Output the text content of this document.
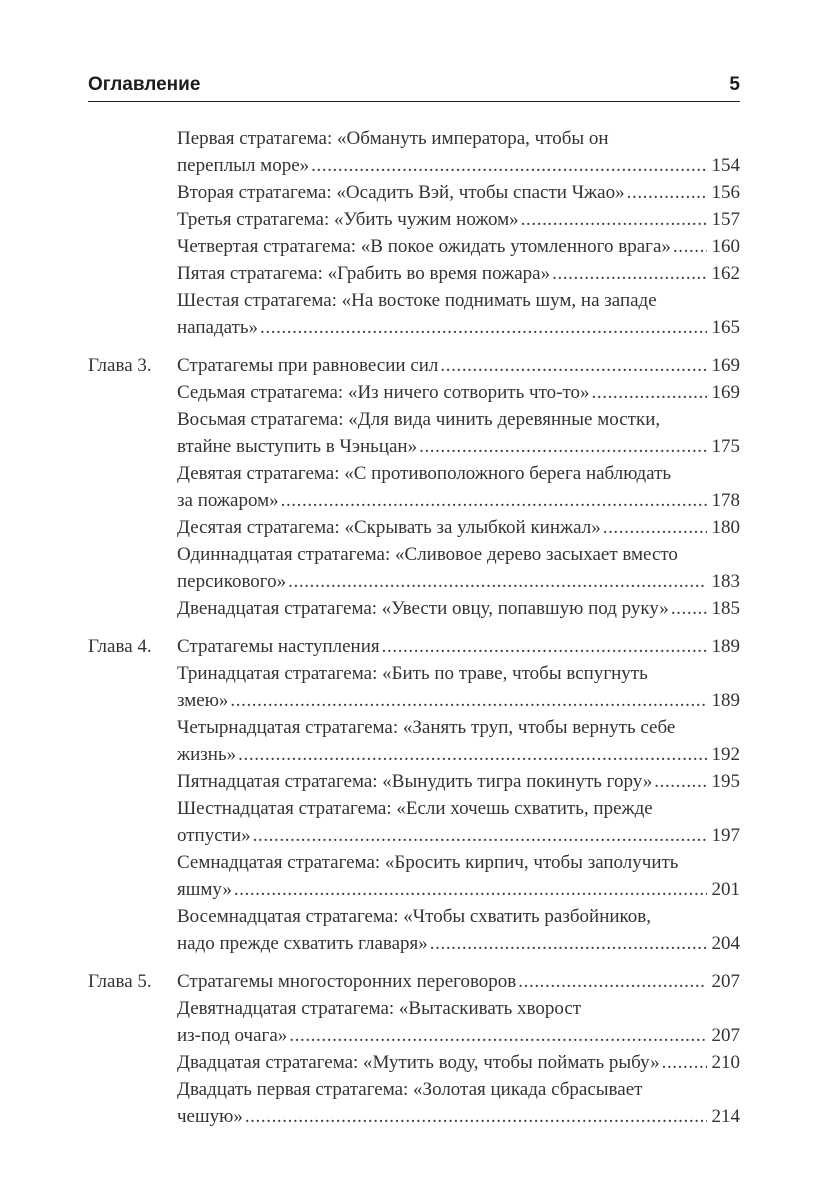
Оглавление	5
Первая стратагема: «Обмануть императора, чтобы он
переплыл море» .....	154
Вторая стратагема: «Осадить Вэй, чтобы спасти Чжао» .....	156
Третья стратагема: «Убить чужим ножом» .....	157
Четвертая стратагема: «В покое ожидать утомленного врага» ..... 160
Пятая стратагема: «Грабить во время пожара» .....	162
Шестая стратагема: «На востоке поднимать шум, на западе
нападать» .....	165
Глава 3. Стратагемы при равновесии сил .....	169
Седьмая стратагема: «Из ничего сотворить что-то» .....	169
Восьмая стратагема: «Для вида чинить деревянные мостки,
втайне выступить в Чэньцан» .....	175
Девятая стратагема: «С противоположного берега наблюдать
за пожаром» .....	178
Десятая стратагема: «Скрывать за улыбкой кинжал» .....	180
Одиннадцатая стратагема: «Сливовое дерево засыхает вместо
персикового» .....	183
Двенадцатая стратагема: «Увести овцу, попавшую под руку» ..... 185
Глава 4. Стратагемы наступления .....	189
Тринадцатая стратагема: «Бить по траве, чтобы вспугнуть
змею» .....	189
Четырнадцатая стратагема: «Занять труп, чтобы вернуть себе
жизнь» .....	192
Пятнадцатая стратагема: «Вынудить тигра покинуть гору» .....	195
Шестнадцатая стратагема: «Если хочешь схватить, прежде
отпусти» .....	197
Семнадцатая стратагема: «Бросить кирпич, чтобы заполучить
яшму» .....	201
Восемнадцатая стратагема: «Чтобы схватить разбойников,
надо прежде схватить главаря» .....	204
Глава 5. Стратагемы многосторонних переговоров .....	207
Девятнадцатая стратагема: «Вытаскивать хворост
из-под очага» .....	207
Двадцатая стратагема: «Мутить воду, чтобы поймать рыбу» .....	210
Двадцать первая стратагема: «Золотая цикада сбрасывает
чешую» .....	214
